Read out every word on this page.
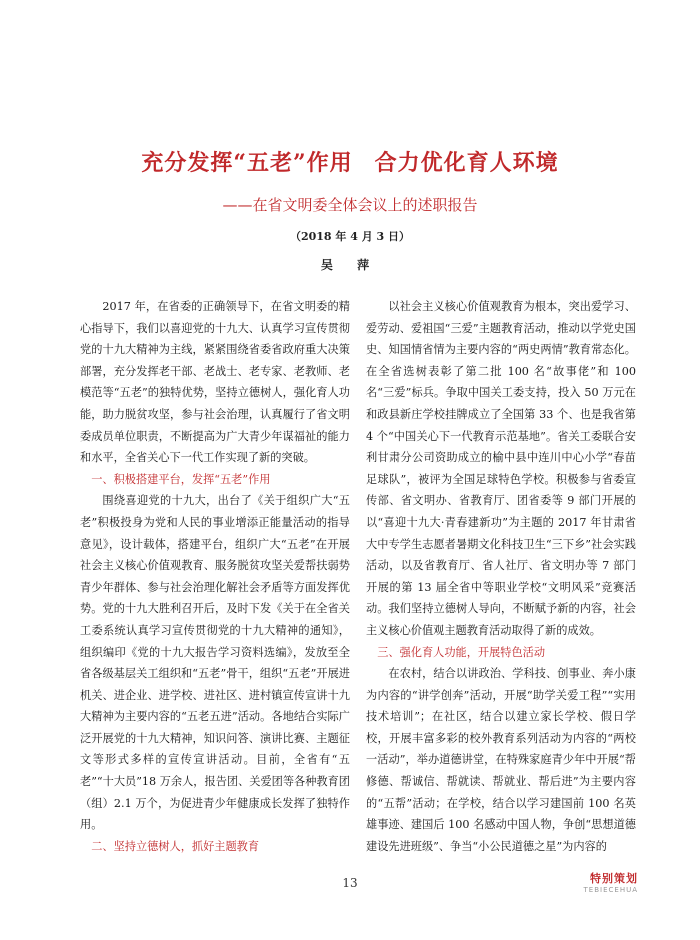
充分发挥“五老”作用 合力优化育人环境
——在省文明委全体会议上的述职报告
（2018 年 4 月 3 日）
吴 萍

2017 年，在省委的正确领导下，在省文明委的精心指导下，我们以喜迎党的十九大、认真学习宣传贯彻党的十九大精神为主线，紧紧围绕省委省政府重大决策部署，充分发挥老干部、老战士、老专家、老教师、老模范等“五老”的独特优势，坚持立德树人，强化育人功能，助力脱贫攻坚，参与社会治理，认真履行了省文明委成员单位职责，不断提高为广大青少年谋福祉的能力和水平，全省关心下一代工作实现了新的突破。

一、积极搭建平台，发挥“五老”作用

围绕喜迎党的十九大，出台了《关于组织广大“五老”积极投身为党和人民的事业增添正能量活动的指导意见》，设计载体，搭建平台，组织广大“五老”在开展社会主义核心价值观教育、服务脱贫攻坚关爱帮扶弱势青少年群体、参与社会治理化解社会矛盾等方面发挥优势。党的十九大胜利召开后，及时下发《关于在全省关工委系统认真学习宣传贯彻党的十九大精神的通知》，组织编印《党的十九大报告学习资料选编》，发放至全省各级基层关工组织和“五老”骨干，组织“五老”开展进机关、进企业、进学校、进社区、进村镇宣传宣讲十九大精神为主要内容的“五老五进”活动。各地结合实际广泛开展党的十九大精神，知识问答、演讲比赛、主题征文等形式多样的宣传宣讲活动。目前，全省有“五老”“十大员”18 万余人，报告团、关爱团等各种教育团（组）2.1 万个，为促进青少年健康成长发挥了独特作用。

二、坚持立德树人，抓好主题教育

以社会主义核心价值观教育为根本，突出爱学习、爱劳动、爱祖国“三爱”主题教育活动，推动以学党史国史、知国情省情为主要内容的“两史两情”教育常态化。在全省选树表彰了第二批 100 名“故事佬”和 100 名“三爱”标兵。争取中国关工委支持，投入 50 万元在和政县新庄学校挂牌成立了全国第 33 个、也是我省第 4 个“中国关心下一代教育示范基地”。省关工委联合安利甘肃分公司资助成立的榆中县中连川中心小学“春苗足球队”，被评为全国足球特色学校。积极参与省委宣传部、省文明办、省教育厅、团省委等 9 部门开展的以“喜迎十九大·青春建新功”为主题的 2017 年甘肃省大中专学生志愿者暑期文化科技卫生“三下乡”社会实践活动，以及省教育厅、省人社厅、省文明办等 7 部门开展的第 13 届全省中等职业学校“文明风采”竞赛活动。我们坚持立德树人导向，不断赋予新的内容，社会主义核心价值观主题教育活动取得了新的成效。

三、强化育人功能，开展特色活动

在农村，结合以讲政治、学科技、创事业、奔小康为内容的“讲学创奔”活动，开展“助学关爱工程”“实用技术培训”；在社区，结合以建立家长学校、假日学校，开展丰富多彩的校外教育系列活动为内容的“两校一活动”，举办道德讲堂，在特殊家庭青少年中开展“帮修德、帮诚信、帮就读、帮就业、帮后进”为主要内容的“五帮”活动；在学校，结合以学习建国前 100 名英雄事迹、建国后 100 名感动中国人物，争创“思想道德建设先进班级”、争当“小公民道德之星”为内容的

13	特别策划
TEBIECEHUA
